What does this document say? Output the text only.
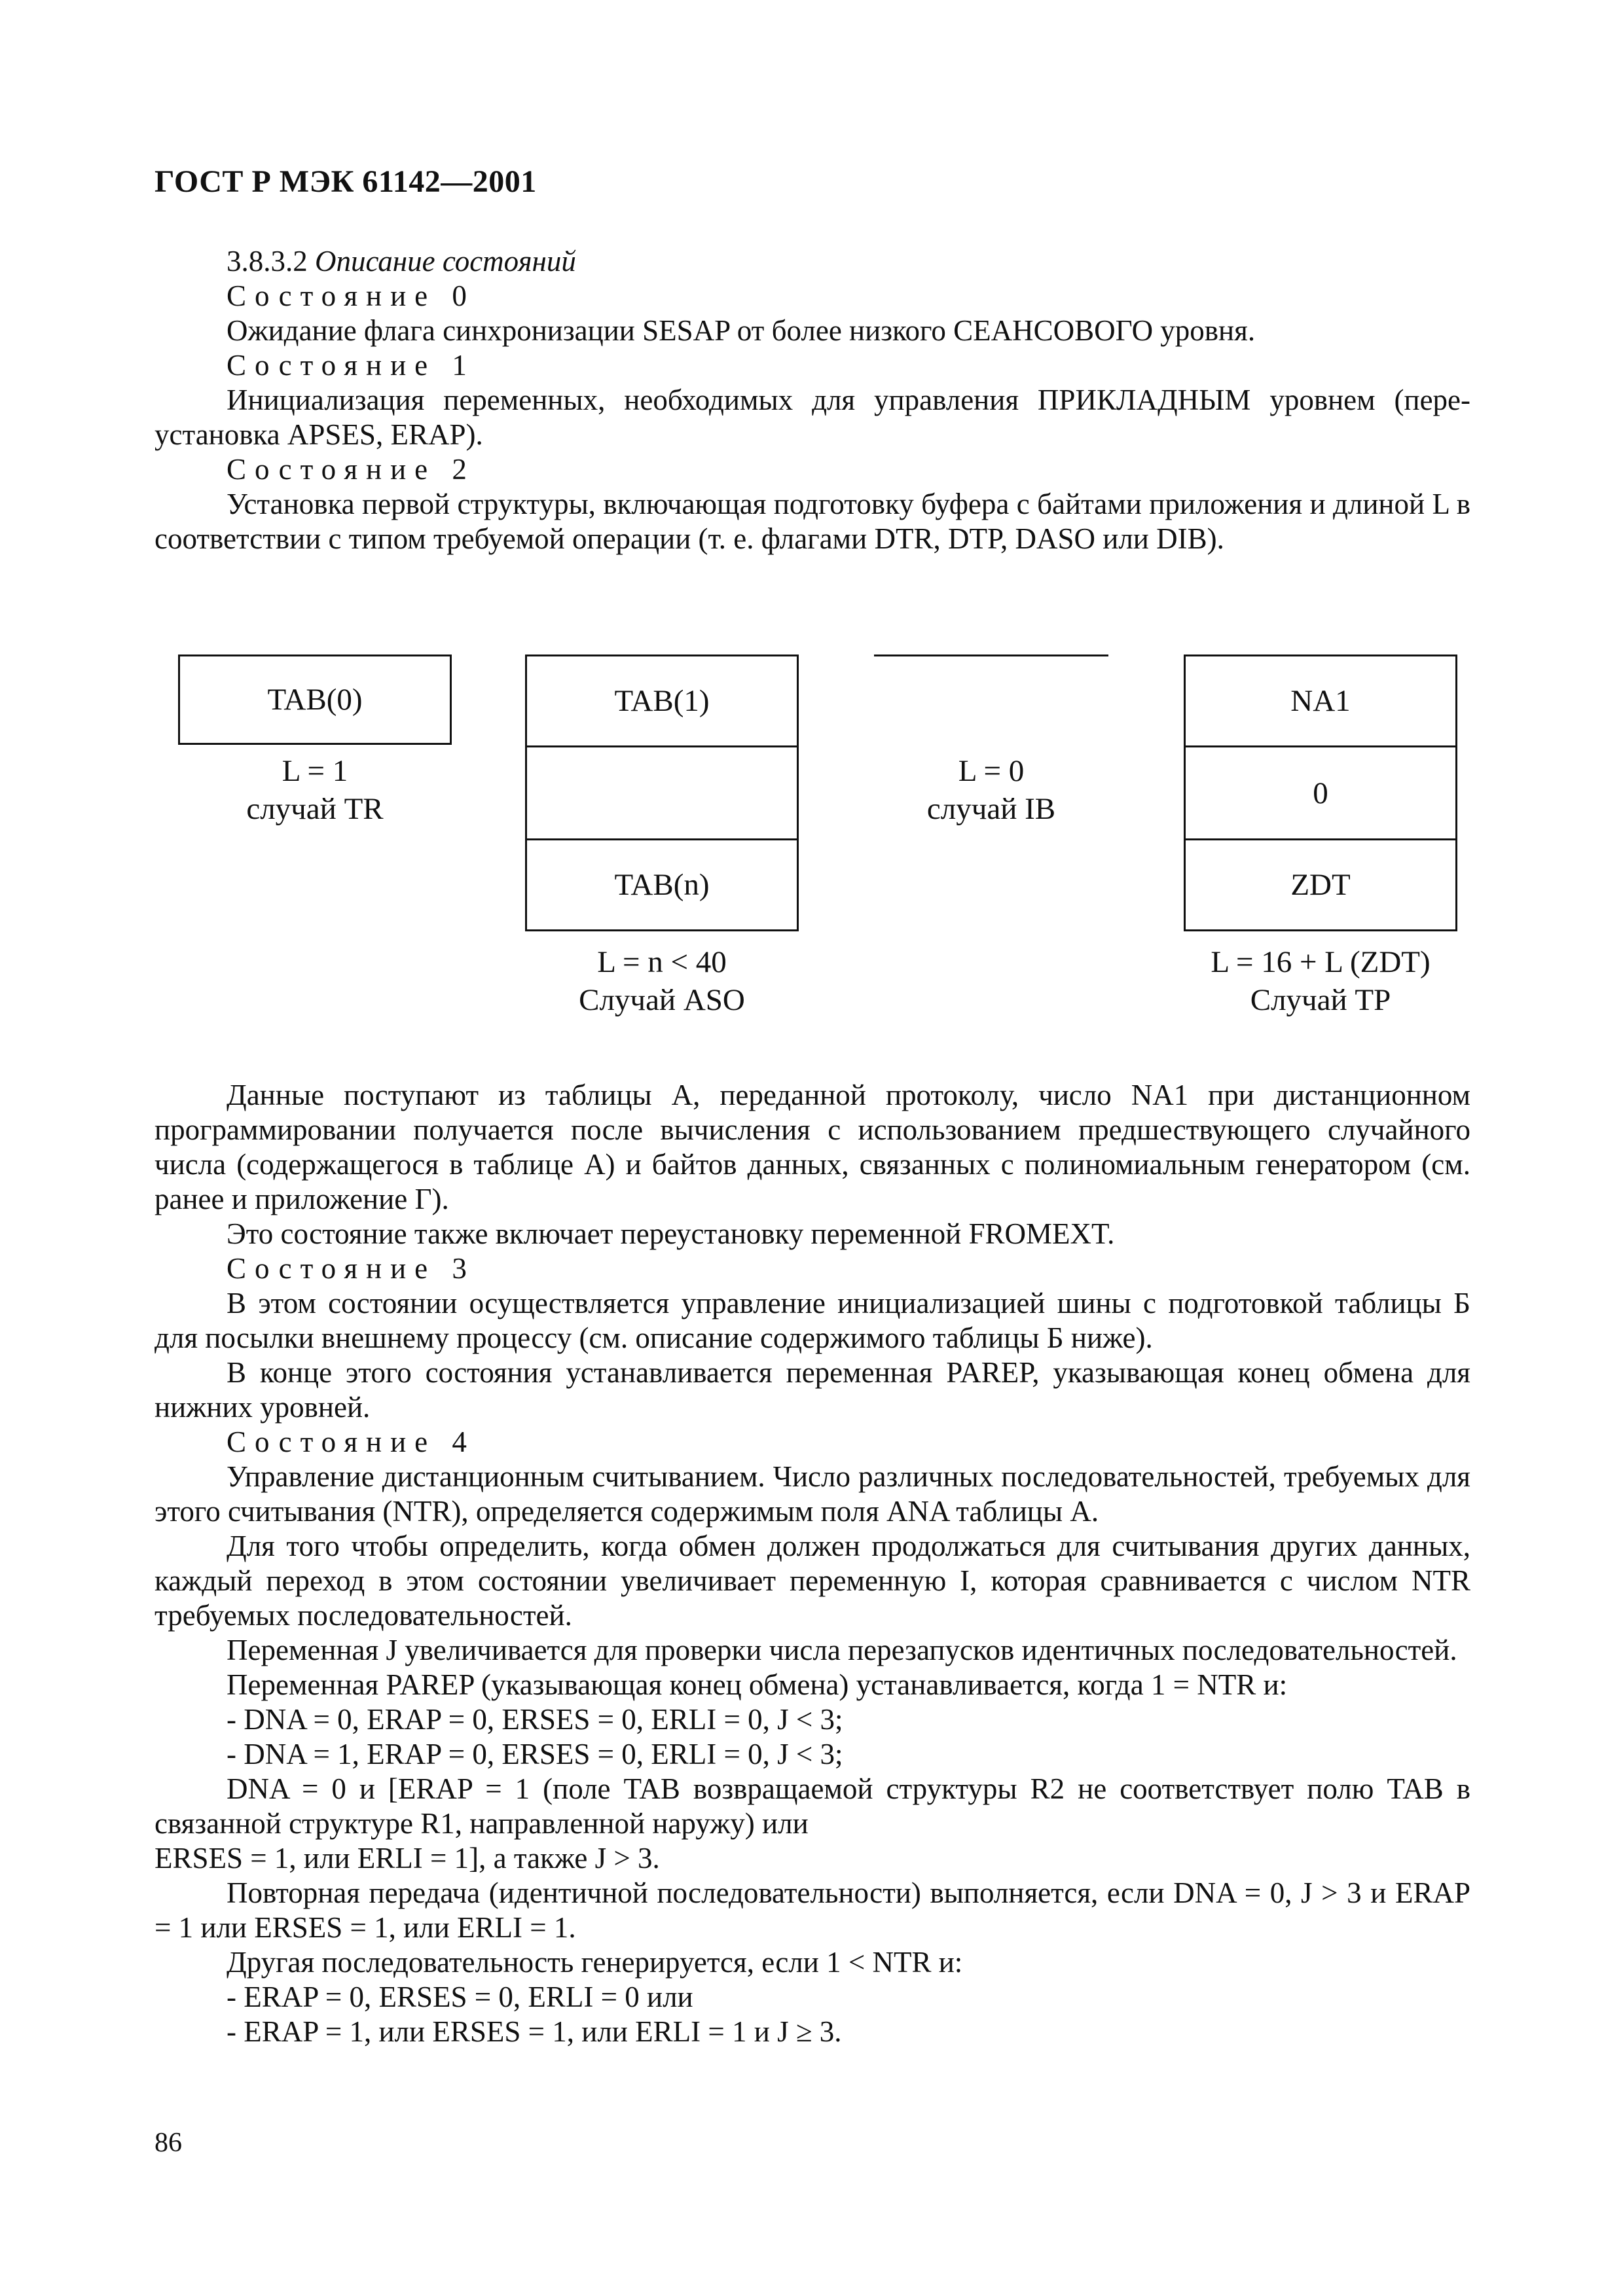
ГОСТ Р МЭК 61142—2001

3.8.3.2 Описание состояний

Состояние 0

Ожидание флага синхронизации SESAP от более низкого СЕАНСОВОГО уровня.

Состояние 1

Инициализация переменных, необходимых для управления ПРИКЛАДНЫМ уровнем (пере-установка APSES, ERAP).

Состояние 2

Установка первой структуры, включающая подготовку буфера с байтами приложения и длиной L в соответствии с типом требуемой операции (т. е. флагами DTR, DTP, DASO или DIB).

TAB(0)
L = 1
случай TR
TAB(1)
TAB(n)
L = n < 40
Случай ASO
L = 0
случай IB
NA1
0
ZDT
L = 16 + L (ZDT)
Случай TP

Данные поступают из таблицы А, переданной протоколу, число NA1 при дистанционном программировании получается после вычисления с использованием предшествующего случайного числа (содержащегося в таблице А) и байтов данных, связанных с полиномиальным генератором (см. ранее и приложение Г).

Это состояние также включает переустановку переменной FROMEXT.

Состояние 3

В этом состоянии осуществляется управление инициализацией шины с подготовкой таблицы Б для посылки внешнему процессу (см. описание содержимого таблицы Б ниже).

В конце этого состояния устанавливается переменная PAREP, указывающая конец обмена для нижних уровней.

Состояние 4

Управление дистанционным считыванием. Число различных последовательностей, требуемых для этого считывания (NTR), определяется содержимым поля ANA таблицы А.

Для того чтобы определить, когда обмен должен продолжаться для считывания других данных, каждый переход в этом состоянии увеличивает переменную I, которая сравнивается с числом NTR требуемых последовательностей.

Переменная J увеличивается для проверки числа перезапусков идентичных последовательностей.

Переменная PAREP (указывающая конец обмена) устанавливается, когда 1 = NTR и:

- DNA = 0, ERAP = 0, ERSES = 0, ERLI = 0, J < 3;

- DNA = 1, ERAP = 0, ERSES = 0, ERLI = 0, J < 3;

DNA = 0 и [ERAP = 1 (поле TAB возвращаемой структуры R2 не соответствует полю TAB в связанной структуре R1, направленной наружу) или

ERSES = 1, или ERLI = 1], а также J > 3.

Повторная передача (идентичной последовательности) выполняется, если DNA = 0, J > 3 и ERAP = 1 или ERSES = 1, или ERLI = 1.

Другая последовательность генерируется, если 1 < NTR и:

- ERAP = 0, ERSES = 0, ERLI = 0 или

- ERAP = 1, или ERSES = 1, или ERLI = 1 и J ≥ 3.

86
